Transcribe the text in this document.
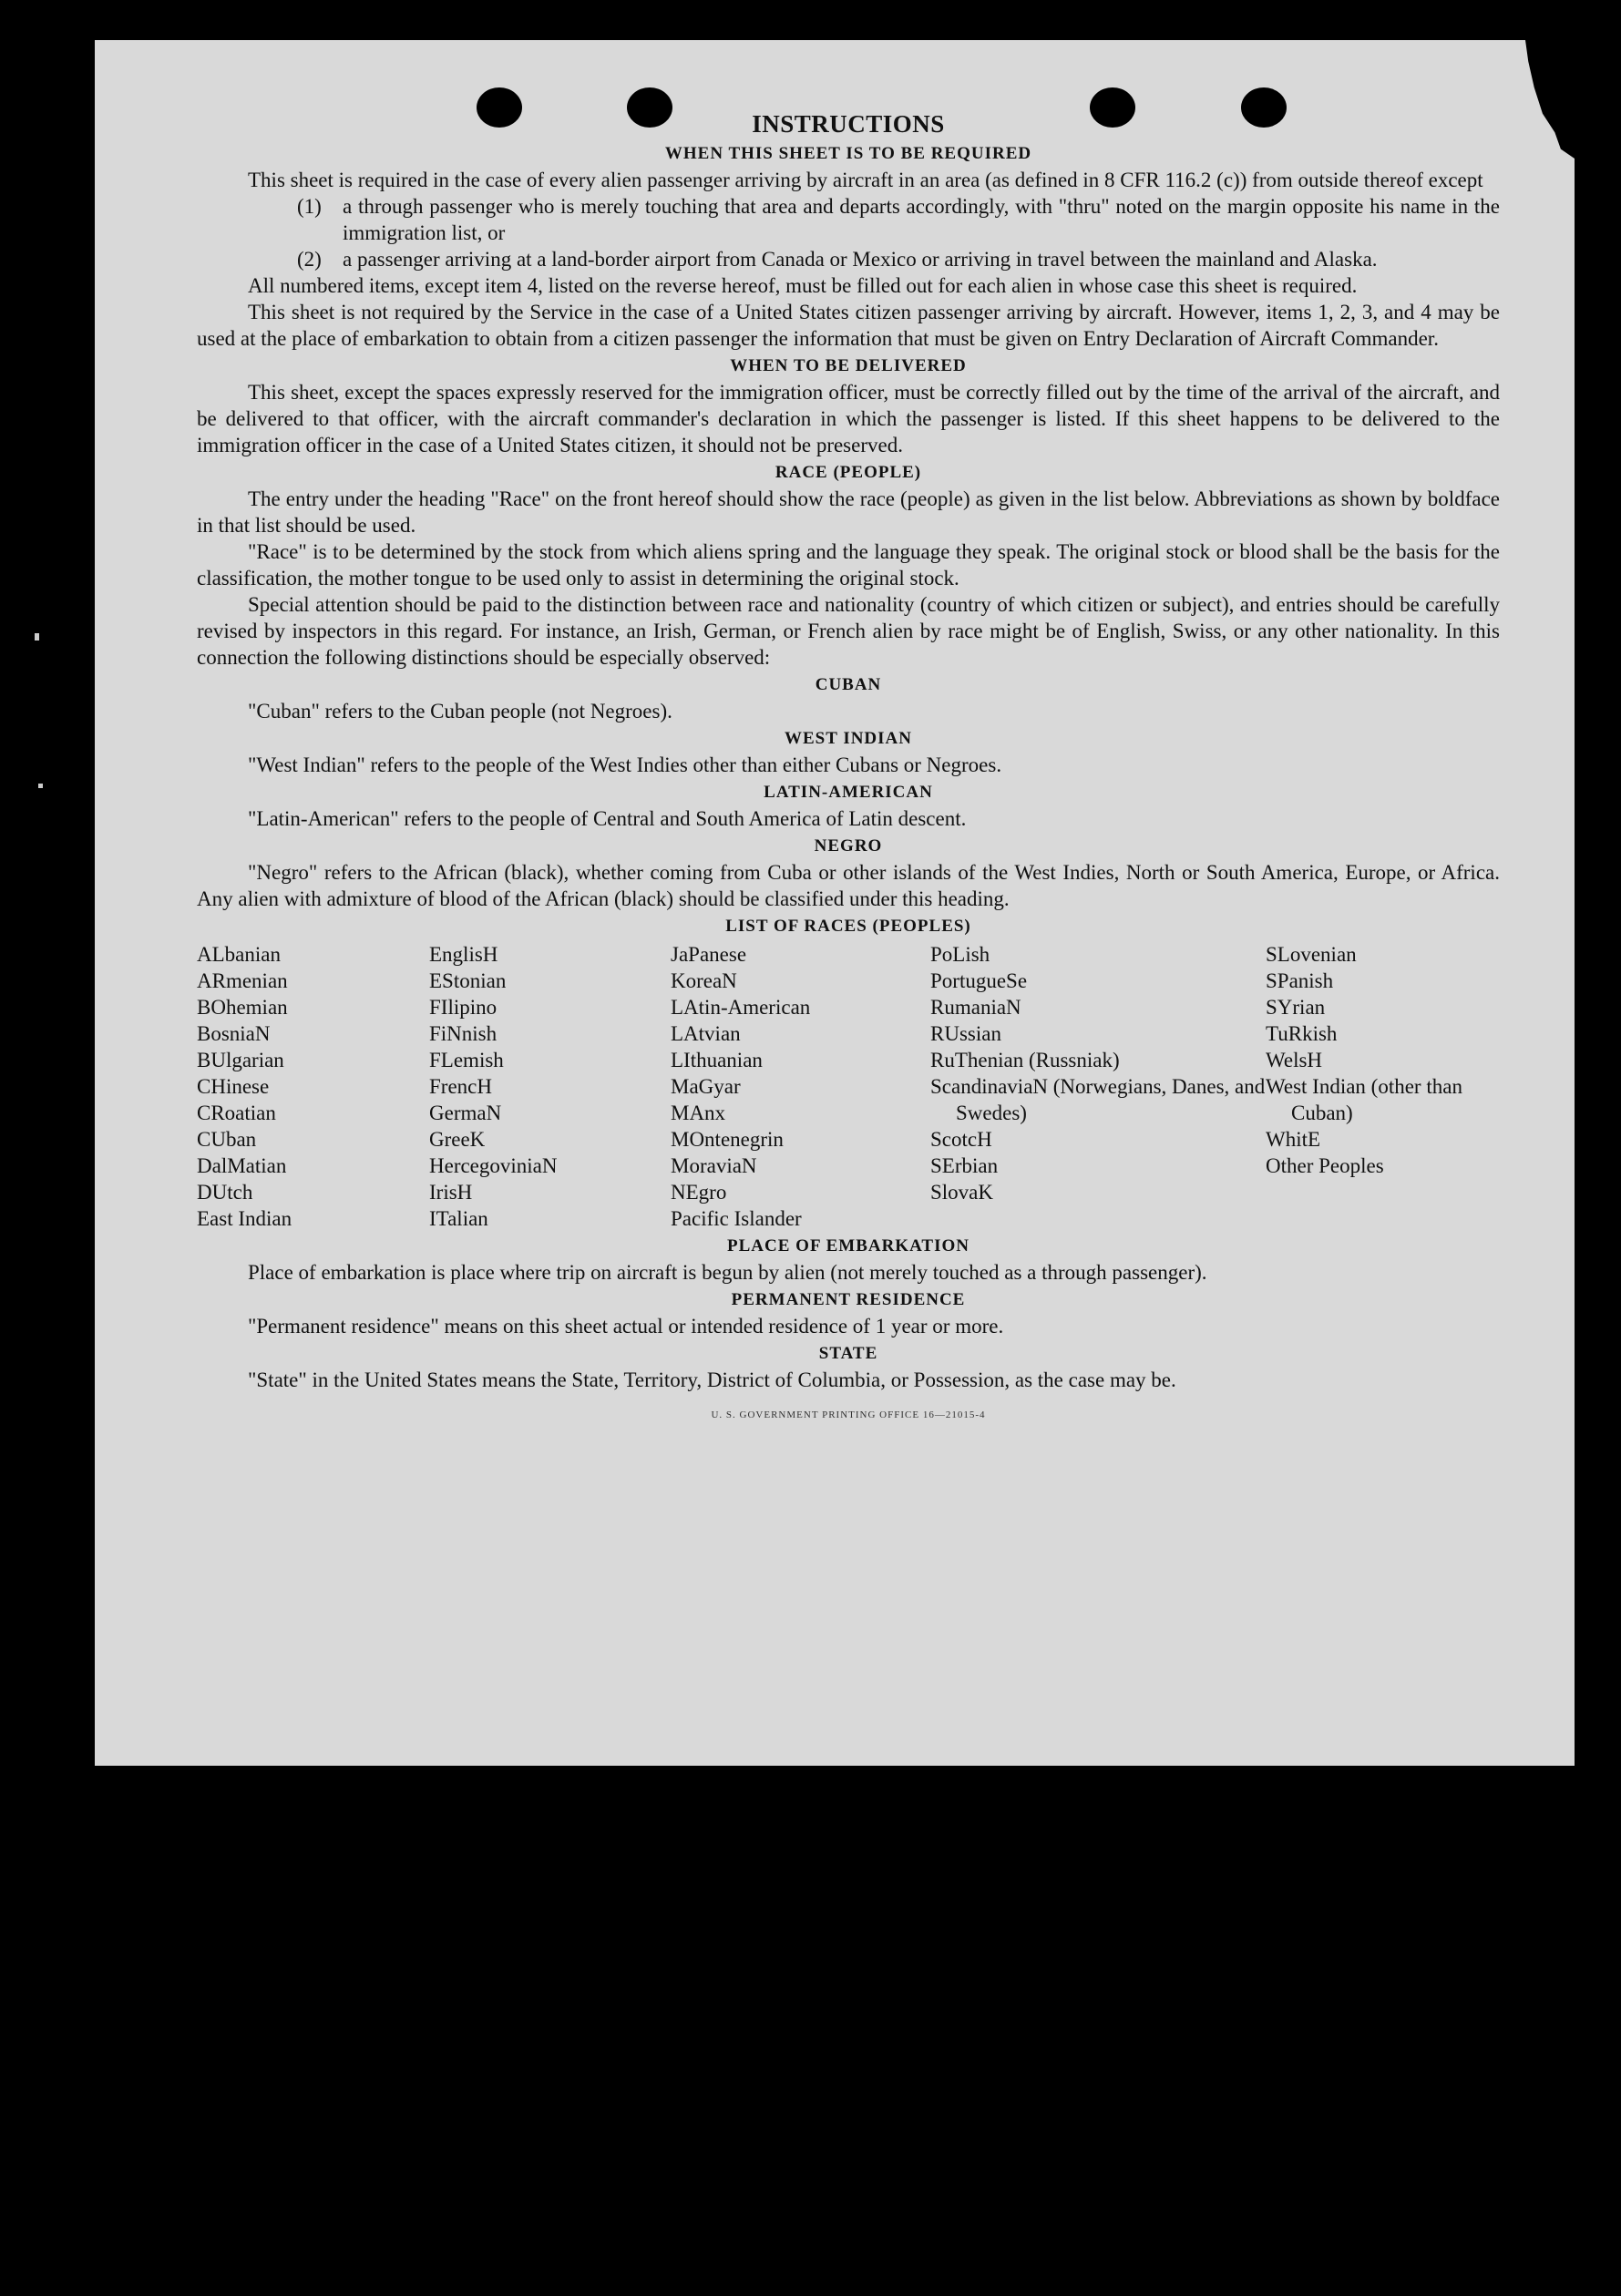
INSTRUCTIONS
WHEN THIS SHEET IS TO BE REQUIRED

This sheet is required in the case of every alien passenger arriving by aircraft in an area (as defined in 8 CFR 116.2 (c)) from outside thereof except

(1)	a through passenger who is merely touching that area and departs accordingly, with "thru" noted on the margin opposite his name in the immigration list, or
(2)	a passenger arriving at a land-border airport from Canada or Mexico or arriving in travel between the mainland and Alaska.

All numbered items, except item 4, listed on the reverse hereof, must be filled out for each alien in whose case this sheet is required.

This sheet is not required by the Service in the case of a United States citizen passenger arriving by aircraft. However, items 1, 2, 3, and 4 may be used at the place of embarkation to obtain from a citizen passenger the information that must be given on Entry Declaration of Aircraft Commander.

WHEN TO BE DELIVERED

This sheet, except the spaces expressly reserved for the immigration officer, must be correctly filled out by the time of the arrival of the aircraft, and be delivered to that officer, with the aircraft commander's declaration in which the passenger is listed. If this sheet happens to be delivered to the immigration officer in the case of a United States citizen, it should not be preserved.

RACE (PEOPLE)

The entry under the heading "Race" on the front hereof should show the race (people) as given in the list below. Abbreviations as shown by boldface in that list should be used.

"Race" is to be determined by the stock from which aliens spring and the language they speak. The original stock or blood shall be the basis for the classification, the mother tongue to be used only to assist in determining the original stock.

Special attention should be paid to the distinction between race and nationality (country of which citizen or subject), and entries should be carefully revised by inspectors in this regard. For instance, an Irish, German, or French alien by race might be of English, Swiss, or any other nationality. In this connection the following distinctions should be especially observed:

CUBAN

"Cuban" refers to the Cuban people (not Negroes).

WEST INDIAN

"West Indian" refers to the people of the West Indies other than either Cubans or Negroes.

LATIN-AMERICAN

"Latin-American" refers to the people of Central and South America of Latin descent.

NEGRO

"Negro" refers to the African (black), whether coming from Cuba or other islands of the West Indies, North or South America, Europe, or Africa. Any alien with admixture of blood of the African (black) should be classified under this heading.

LIST OF RACES (PEOPLES)
ALbanian
ARmenian
BOhemian
BosniaN
BUlgarian
CHinese
CRoatian
CUban
DalMatian
DUtch
East Indian
EnglisH
EStonian
FIlipino
FiNnish
FLemish
FrencH
GermaN
GreeK
HercegoviniaN
IrisH
ITalian
JaPanese
KoreaN
LAtin-American
LAtvian
LIthuanian
MaGyar
MAnx
MOntenegrin
MoraviaN
NEgro
Pacific Islander
PoLish
PortugueSe
RumaniaN
RUssian
RuThenian (Russniak)
ScandinaviaN (Norwegians, Danes, and Swedes)
ScotcH
SErbian
SlovaK
SLovenian
SPanish
SYrian
TuRkish
WelsH
West Indian (other than Cuban)
WhitE
Other Peoples
PLACE OF EMBARKATION

Place of embarkation is place where trip on aircraft is begun by alien (not merely touched as a through passenger).

PERMANENT RESIDENCE

"Permanent residence" means on this sheet actual or intended residence of 1 year or more.

STATE

"State" in the United States means the State, Territory, District of Columbia, or Possession, as the case may be.

U. S. GOVERNMENT PRINTING OFFICE 16—21015-4
